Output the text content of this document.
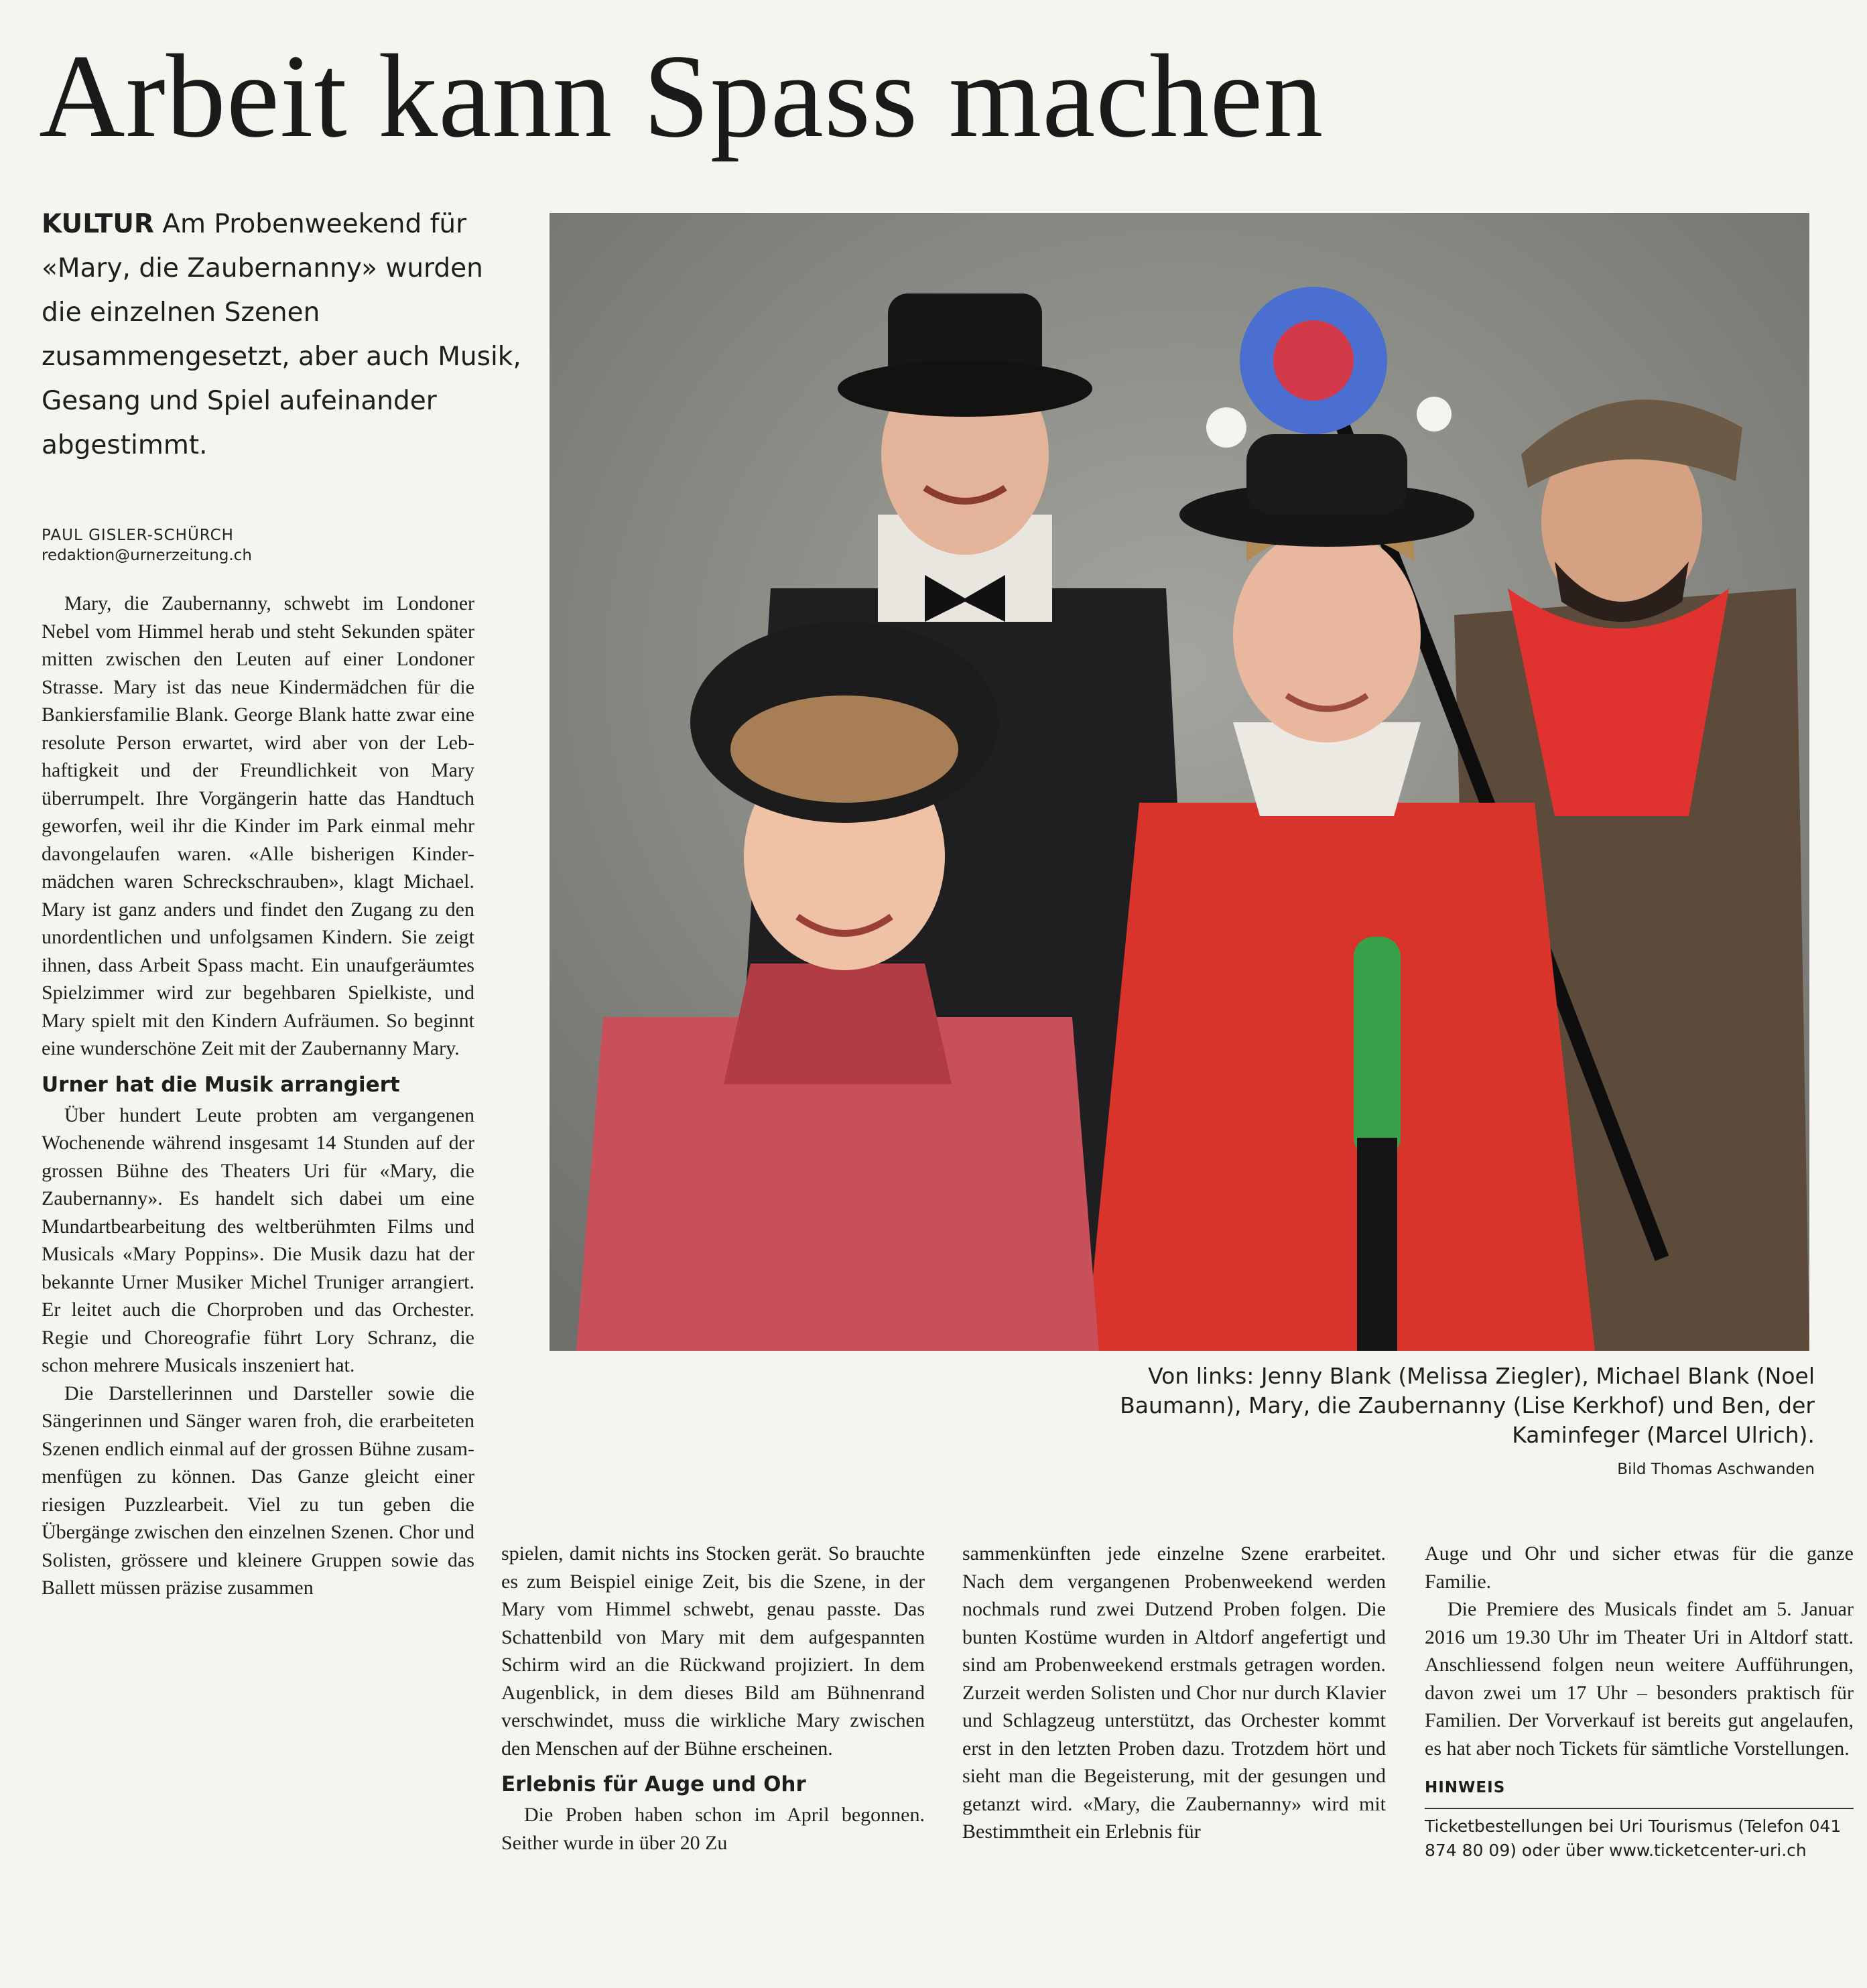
Arbeit kann Spass machen
KULTUR Am Probenweekend für «Mary, die Zaubernanny» wurden die einzelnen Szenen zusammengesetzt, aber auch Musik, Gesang und Spiel aufeinander abgestimmt.
PAUL GISLER-SCHÜRCH
redaktion@urnerzeitung.ch

Mary, die Zaubernanny, schwebt im Londoner Nebel vom Himmel herab und steht Sekunden später mitten zwischen den Leuten auf einer Londoner Strasse. Mary ist das neue Kindermädchen für die Bankiersfamilie Blank. George Blank hatte zwar eine resolute Person erwartet, wird aber von der Lebhaftigkeit und der Freundlichkeit von Mary überrumpelt. Ihre Vorgängerin hatte das Handtuch geworfen, weil ihr die Kinder im Park einmal mehr davongelaufen waren. «Alle bisherigen Kindermädchen waren Schreckschrauben», klagt Michael. Mary ist ganz anders und findet den Zugang zu den unordentlichen und unfolgsamen Kindern. Sie zeigt ihnen, dass Arbeit Spass macht. Ein unaufgeräumtes Spielzimmer wird zur begehbaren Spielkiste, und Mary spielt mit den Kindern Aufräumen. So beginnt eine wunderschöne Zeit mit der Zaubernanny Mary.

Urner hat die Musik arrangiert

Über hundert Leute probten am vergangenen Wochenende während insgesamt 14 Stunden auf der grossen Bühne des Theaters Uri für «Mary, die Zaubernanny». Es handelt sich dabei um eine Mundartbearbeitung des weltberühmten Films und Musicals «Mary Poppins». Die Musik dazu hat der bekannte Urner Musiker Michel Truniger arrangiert. Er leitet auch die Chorproben und das Orchester. Regie und Choreografie führt Lory Schranz, die schon mehrere Musicals inszeniert hat.

Die Darstellerinnen und Darsteller sowie die Sängerinnen und Sänger waren froh, die erarbeiteten Szenen endlich einmal auf der grossen Bühne zusammenfügen zu können. Das Ganze gleicht einer riesigen Puzzlearbeit. Viel zu tun geben die Übergänge zwischen den einzelnen Szenen. Chor und Solisten, grössere und kleinere Gruppen sowie das Ballett müssen präzise zusammen

Von links: Jenny Blank (Melissa Ziegler), Michael Blank (Noel Baumann), Mary, die Zaubernanny (Lise Kerkhof) und Ben, der Kaminfeger (Marcel Ulrich).
Bild Thomas Aschwanden

spielen, damit nichts ins Stocken gerät. So brauchte es zum Beispiel einige Zeit, bis die Szene, in der Mary vom Himmel schwebt, genau passte. Das Schattenbild von Mary mit dem aufgespannten Schirm wird an die Rückwand projiziert. In dem Augenblick, in dem dieses Bild am Bühnenrand verschwindet, muss die wirkliche Mary zwischen den Menschen auf der Bühne erscheinen.

Erlebnis für Auge und Ohr

Die Proben haben schon im April begonnen. Seither wurde in über 20 Zu

sammenkünften jede einzelne Szene erarbeitet. Nach dem vergangenen Probenweekend werden nochmals rund zwei Dutzend Proben folgen. Die bunten Kostüme wurden in Altdorf angefertigt und sind am Probenweekend erstmals getragen worden. Zurzeit werden Solisten und Chor nur durch Klavier und Schlagzeug unterstützt, das Orchester kommt erst in den letzten Proben dazu. Trotzdem hört und sieht man die Begeisterung, mit der gesungen und getanzt wird. «Mary, die Zaubernanny» wird mit Bestimmtheit ein Erlebnis für

Auge und Ohr und sicher etwas für die ganze Familie.

Die Premiere des Musicals findet am 5. Januar 2016 um 19.30 Uhr im Theater Uri in Altdorf statt. Anschliessend folgen neun weitere Aufführungen, davon zwei um 17 Uhr – besonders praktisch für Familien. Der Vorverkauf ist bereits gut angelaufen, es hat aber noch Tickets für sämtliche Vorstellungen.

HINWEIS
Ticketbestellungen bei Uri Tourismus (Telefon 041 874 80 09) oder über www.ticketcenter-uri.ch
